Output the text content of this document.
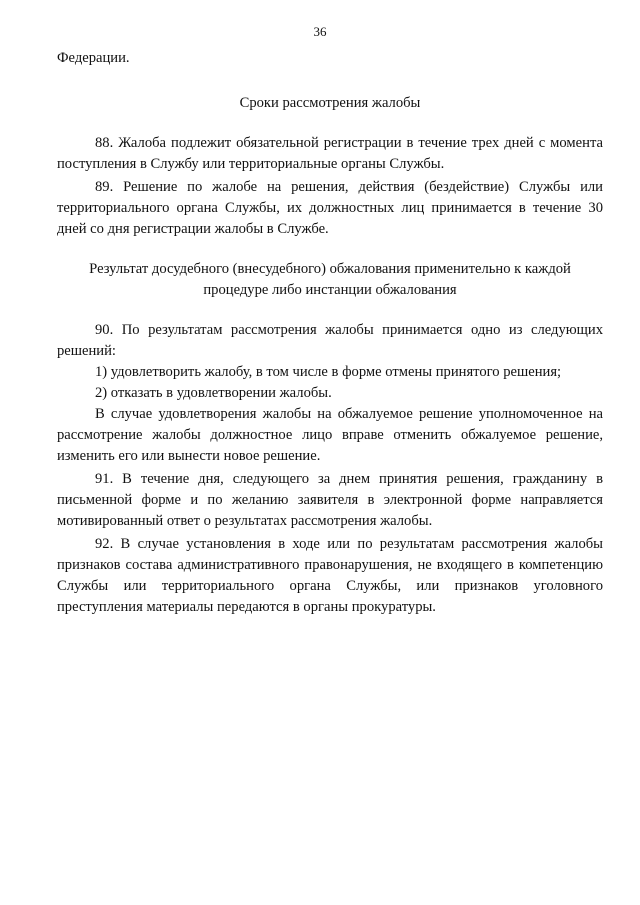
36

Федерации.

Сроки рассмотрения жалобы

88. Жалоба подлежит обязательной регистрации в течение трех дней с момента поступления в Службу или территориальные органы Службы.

89. Решение по жалобе на решения, действия (бездействие) Службы или территориального органа Службы, их должностных лиц принимается в течение 30 дней со дня регистрации жалобы в Службе.

Результат досудебного (внесудебного) обжалования применительно к каждой
процедуре либо инстанции обжалования

90. По результатам рассмотрения жалобы принимается одно из следующих решений:

1) удовлетворить жалобу, в том числе в форме отмены принятого решения;

2) отказать в удовлетворении жалобы.

В случае удовлетворения жалобы на обжалуемое решение уполномоченное на рассмотрение жалобы должностное лицо вправе отменить обжалуемое решение, изменить его или вынести новое решение.

91. В течение дня, следующего за днем принятия решения, гражданину в письменной форме и по желанию заявителя в электронной форме направляется мотивированный ответ о результатах рассмотрения жалобы.

92. В случае установления в ходе или по результатам рассмотрения жалобы признаков состава административного правонарушения, не входящего в компетенцию Службы или территориального органа Службы, или признаков уголовного преступления материалы передаются в органы прокуратуры.
